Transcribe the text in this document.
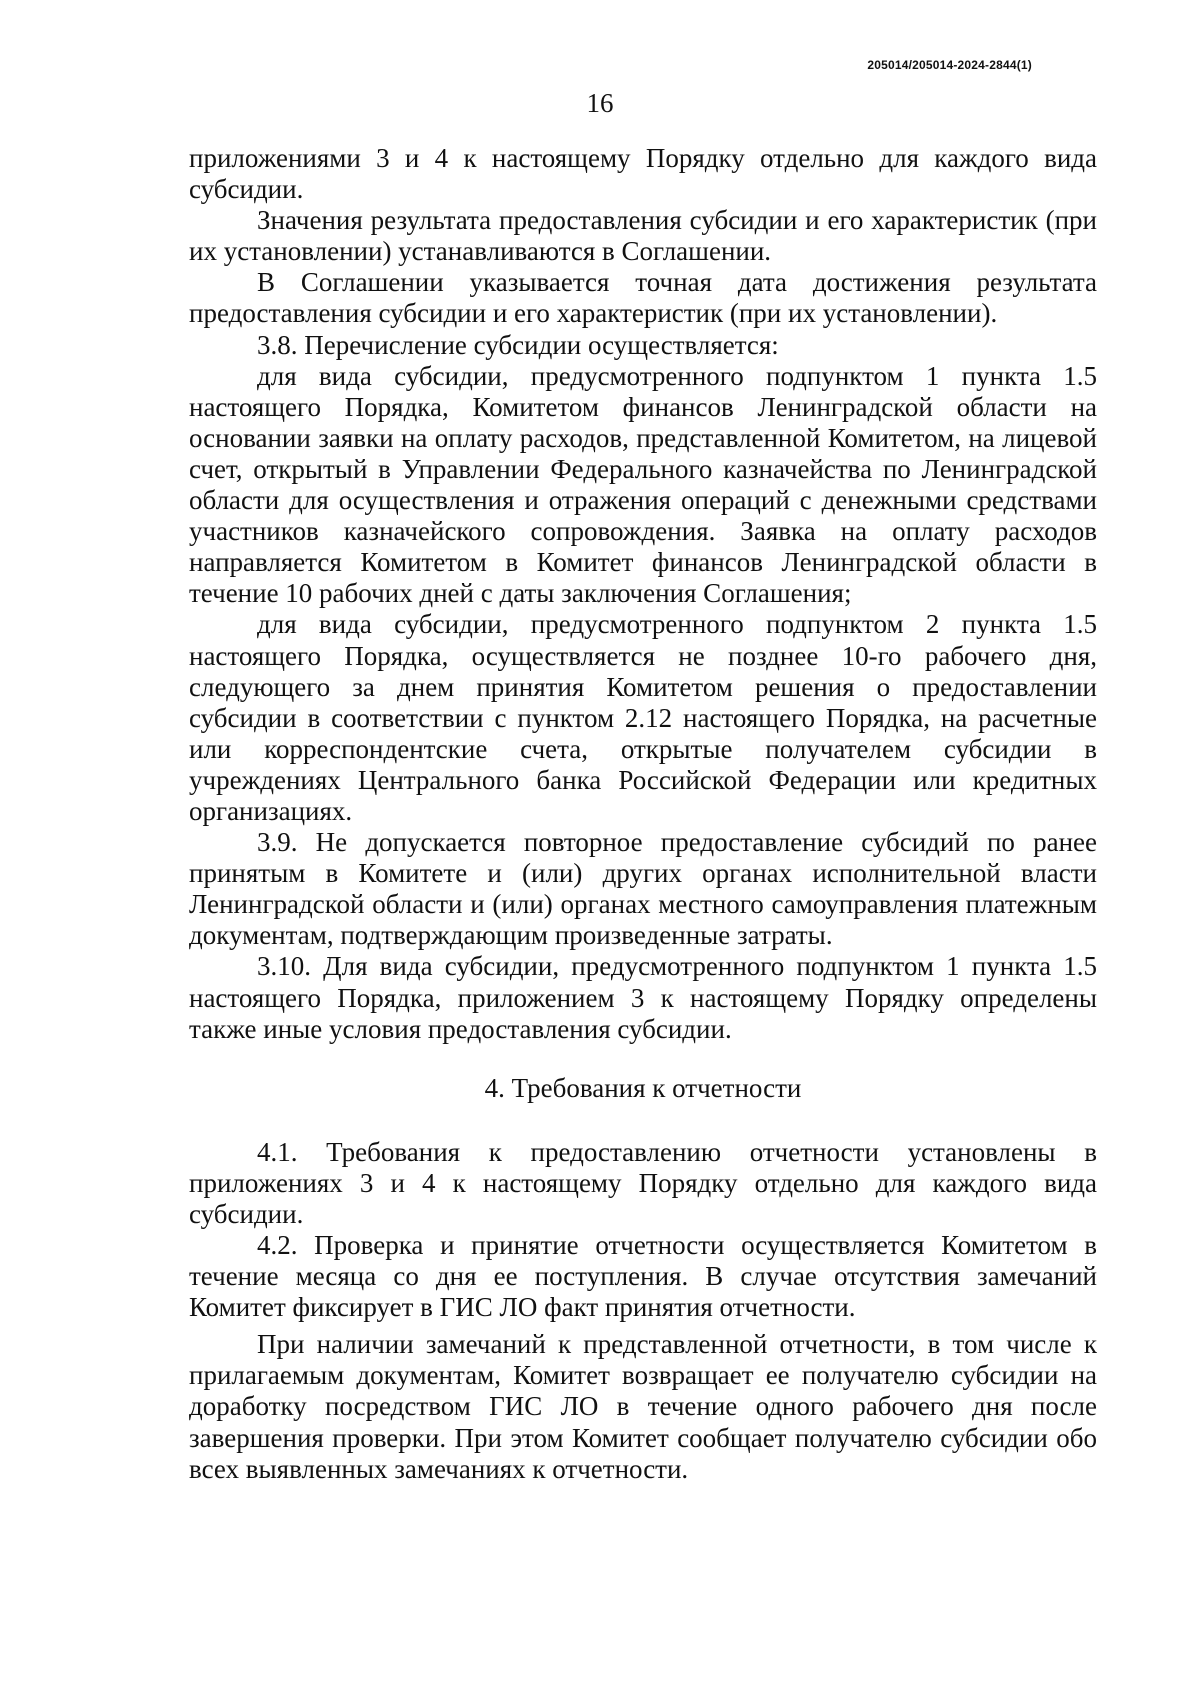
205014/205014-2024-2844(1)
16

приложениями 3 и 4 к настоящему Порядку отдельно для каждого вида субсидии.

Значения результата предоставления субсидии и его характеристик (при их установлении) устанавливаются в Соглашении.

В Соглашении указывается точная дата достижения результата предоставления субсидии и его характеристик (при их установлении).

3.8. Перечисление субсидии осуществляется:

для вида субсидии, предусмотренного подпунктом 1 пункта 1.5 настоящего Порядка, Комитетом финансов Ленинградской области на основании заявки на оплату расходов, представленной Комитетом, на лицевой счет, открытый в Управлении Федерального казначейства по Ленинградской области для осуществления и отражения операций с денежными средствами участников казначейского сопровождения. Заявка на оплату расходов направляется Комитетом в Комитет финансов Ленинградской области в течение 10 рабочих дней с даты заключения Соглашения;

для вида субсидии, предусмотренного подпунктом 2 пункта 1.5 настоящего Порядка, осуществляется не позднее 10-го рабочего дня, следующего за днем принятия Комитетом решения о предоставлении субсидии в соответствии с пунктом 2.12 настоящего Порядка, на расчетные или корреспондентские счета, открытые получателем субсидии в учреждениях Центрального банка Российской Федерации или кредитных организациях.

3.9. Не допускается повторное предоставление субсидий по ранее принятым в Комитете и (или) других органах исполнительной власти Ленинградской области и (или) органах местного самоуправления платежным документам, подтверждающим произведенные затраты.

3.10. Для вида субсидии, предусмотренного подпунктом 1 пункта 1.5 настоящего Порядка, приложением 3 к настоящему Порядку определены также иные условия предоставления субсидии.

4. Требования к отчетности

4.1. Требования к предоставлению отчетности установлены в приложениях 3 и 4 к настоящему Порядку отдельно для каждого вида субсидии.

4.2. Проверка и принятие отчетности осуществляется Комитетом в течение месяца со дня ее поступления. В случае отсутствия замечаний Комитет фиксирует в ГИС ЛО факт принятия отчетности.

При наличии замечаний к представленной отчетности, в том числе к прилагаемым документам, Комитет возвращает ее получателю субсидии на доработку посредством ГИС ЛО в течение одного рабочего дня после завершения проверки. При этом Комитет сообщает получателю субсидии обо всех выявленных замечаниях к отчетности.
